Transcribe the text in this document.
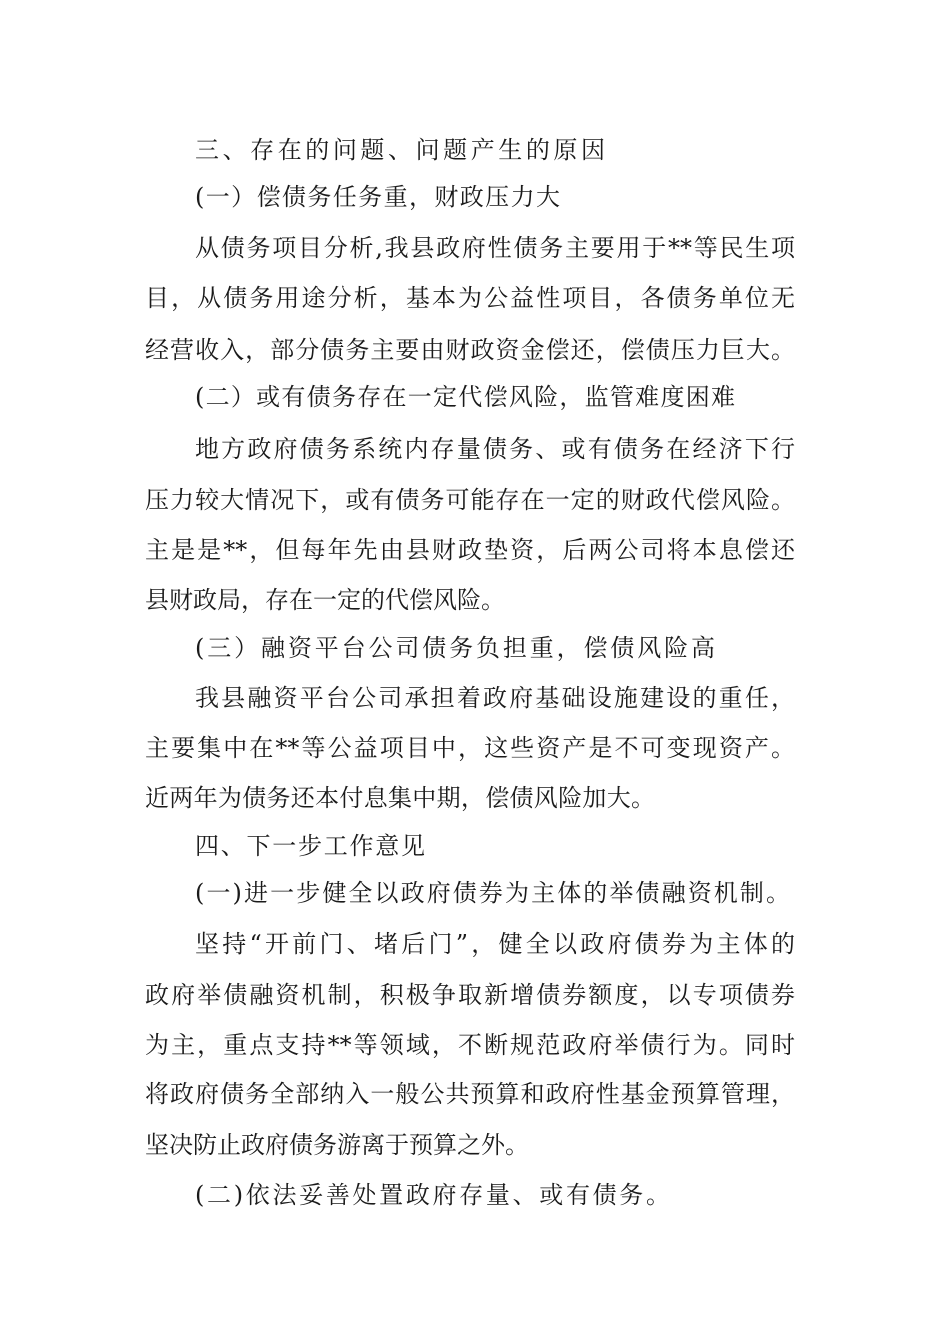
三、存在的问题、问题产生的原因
(一）偿债务任务重，财政压力大
从债务项目分析,我县政府性债务主要用于**等民生项
目，从债务用途分析，基本为公益性项目，各债务单位无
经营收入，部分债务主要由财政资金偿还，偿债压力巨大。
(二）或有债务存在一定代偿风险，监管难度困难
地方政府债务系统内存量债务、或有债务在经济下行
压力较大情况下，或有债务可能存在一定的财政代偿风险。
主是是**，但每年先由县财政垫资，后两公司将本息偿还
县财政局，存在一定的代偿风险。
(三）融资平台公司债务负担重，偿债风险高
我县融资平台公司承担着政府基础设施建设的重任，
主要集中在**等公益项目中，这些资产是不可变现资产。
近两年为债务还本付息集中期，偿债风险加大。
四、下一步工作意见
(一)进一步健全以政府债券为主体的举债融资机制。
坚持“开前门、堵后门”，健全以政府债券为主体的
政府举债融资机制，积极争取新增债券额度，以专项债券
为主，重点支持**等领域，不断规范政府举债行为。同时
将政府债务全部纳入一般公共预算和政府性基金预算管理，
坚决防止政府债务游离于预算之外。
(二)依法妥善处置政府存量、或有债务。
